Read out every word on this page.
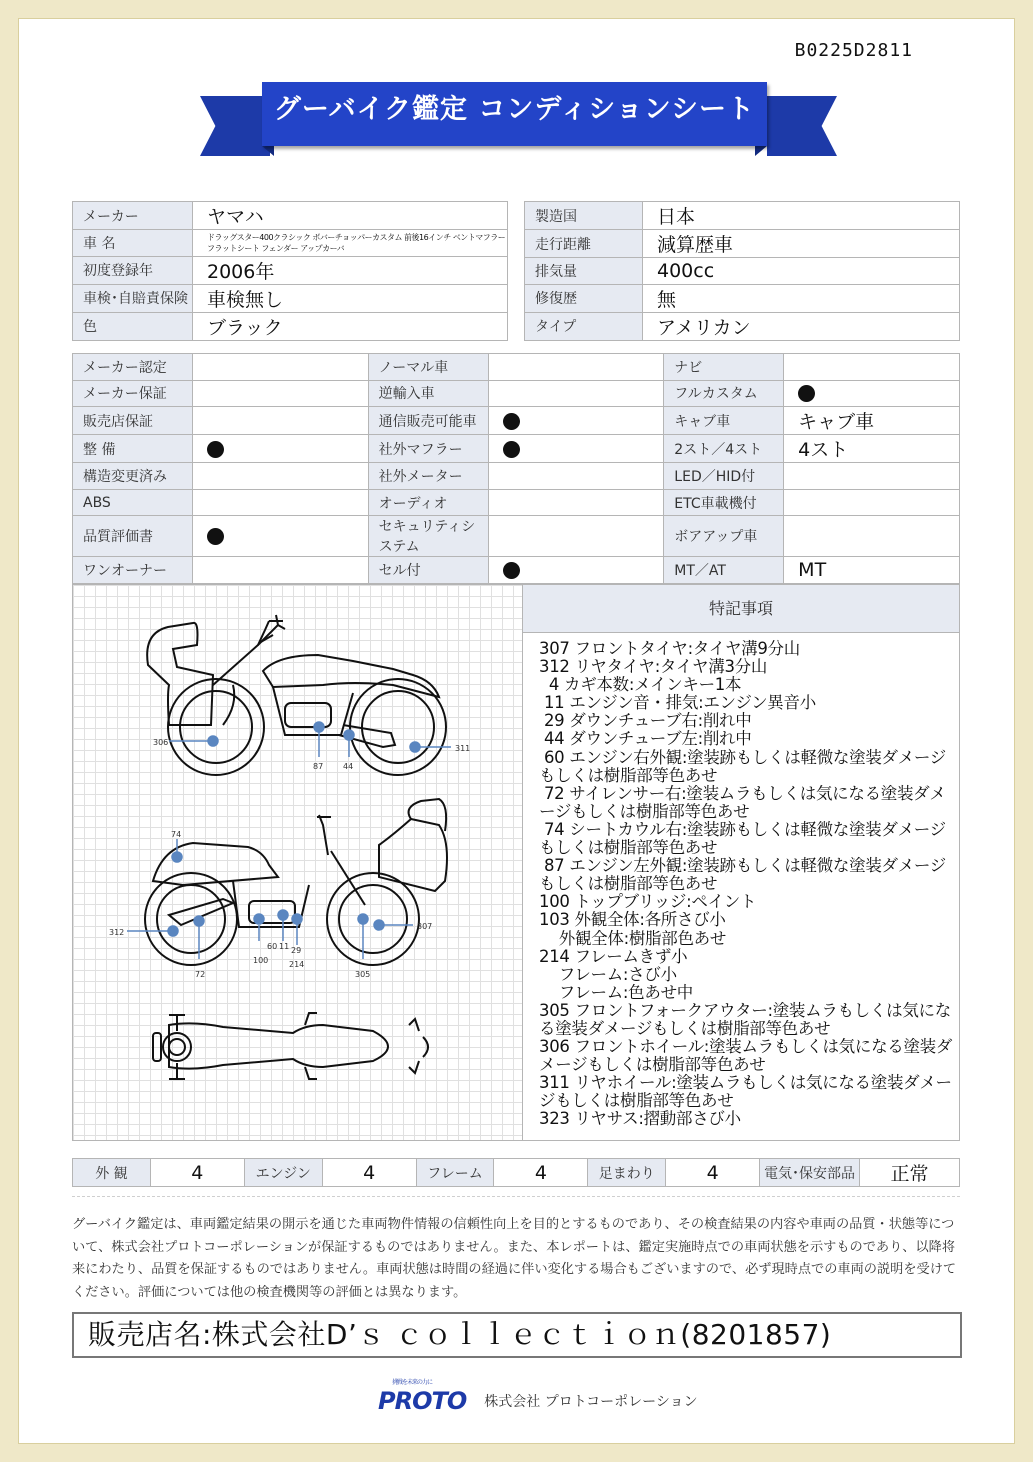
B0225D2811
グーバイク鑑定 コンディションシート
メーカー	ヤマハ
車 名	ドラッグスター400クラシック ボバーチョッパーカスタム 前後16インチ ベントマフラー フラットシート フェンダー アップカーバ
初度登録年	2006年
車検･自賠責保険	車検無し
色	ブラック
製造国	日本
走行距離	減算歴車
排気量	400cc
修復歴	無
タイプ	アメリカン
メーカー認定		ノーマル車		ナビ	
メーカー保証		逆輸入車		フルカスタム	
販売店保証		通信販売可能車		キャブ車	キャブ車
整 備		社外マフラー		2スト／4スト	4スト
構造変更済み		社外メーター		LED／HID付	
ABS		オーディオ		ETC車載機付	
品質評価書		セキュリティシステム		ボアアップ車	
ワンオーナー		セル付		MT／AT	MT
306
87 44
311
74
312
60 11 29
214
100
72	305
307
特記事項
307 フロントタイヤ:タイヤ溝9分山
312 リヤタイヤ:タイヤ溝3分山
4 カギ本数:メインキー1本
11 エンジン音・排気:エンジン異音小
29 ダウンチューブ右:削れ中
44 ダウンチューブ左:削れ中
60 エンジン右外観:塗装跡もしくは軽微な塗装ダメージもしくは樹脂部等色あせ
72 サイレンサー右:塗装ムラもしくは気になる塗装ダメージもしくは樹脂部等色あせ
74 シートカウル右:塗装跡もしくは軽微な塗装ダメージもしくは樹脂部等色あせ
87 エンジン左外観:塗装跡もしくは軽微な塗装ダメージもしくは樹脂部等色あせ
100 トップブリッジ:ペイント
103 外観全体:各所さび小
外観全体:樹脂部色あせ
214 フレームきず小
フレーム:さび小
フレーム:色あせ中
305 フロントフォークアウター:塗装ムラもしくは気になる塗装ダメージもしくは樹脂部等色あせ
306 フロントホイール:塗装ムラもしくは気になる塗装ダメージもしくは樹脂部等色あせ
311 リヤホイール:塗装ムラもしくは気になる塗装ダメージもしくは樹脂部等色あせ
323 リヤサス:摺動部さび小
外 観	4	エンジン	4	フレーム	4	足まわり	4	電気･保安部品	正常
グーバイク鑑定は、車両鑑定結果の開示を通じた車両物件情報の信頼性向上を目的とするものであり、その検査結果の内容や車両の品質・状態等について、株式会社プロトコーポレーションが保証するものではありません。また、本レポートは、鑑定実施時点での車両状態を示すものであり、以降将来にわたり、品質を保証するものではありません。車両状態は時間の経過に伴い変化する場合もございますので、必ず現時点での車両の説明を受けてください。評価については他の検査機関等の評価とは異なります。
販売店名:株式会社D’ｓ ｃｏｌｌｅｃｔｉｏｎ(8201857)
挑戦を未来の力に
PROTO 株式会社 プロトコーポレーション
